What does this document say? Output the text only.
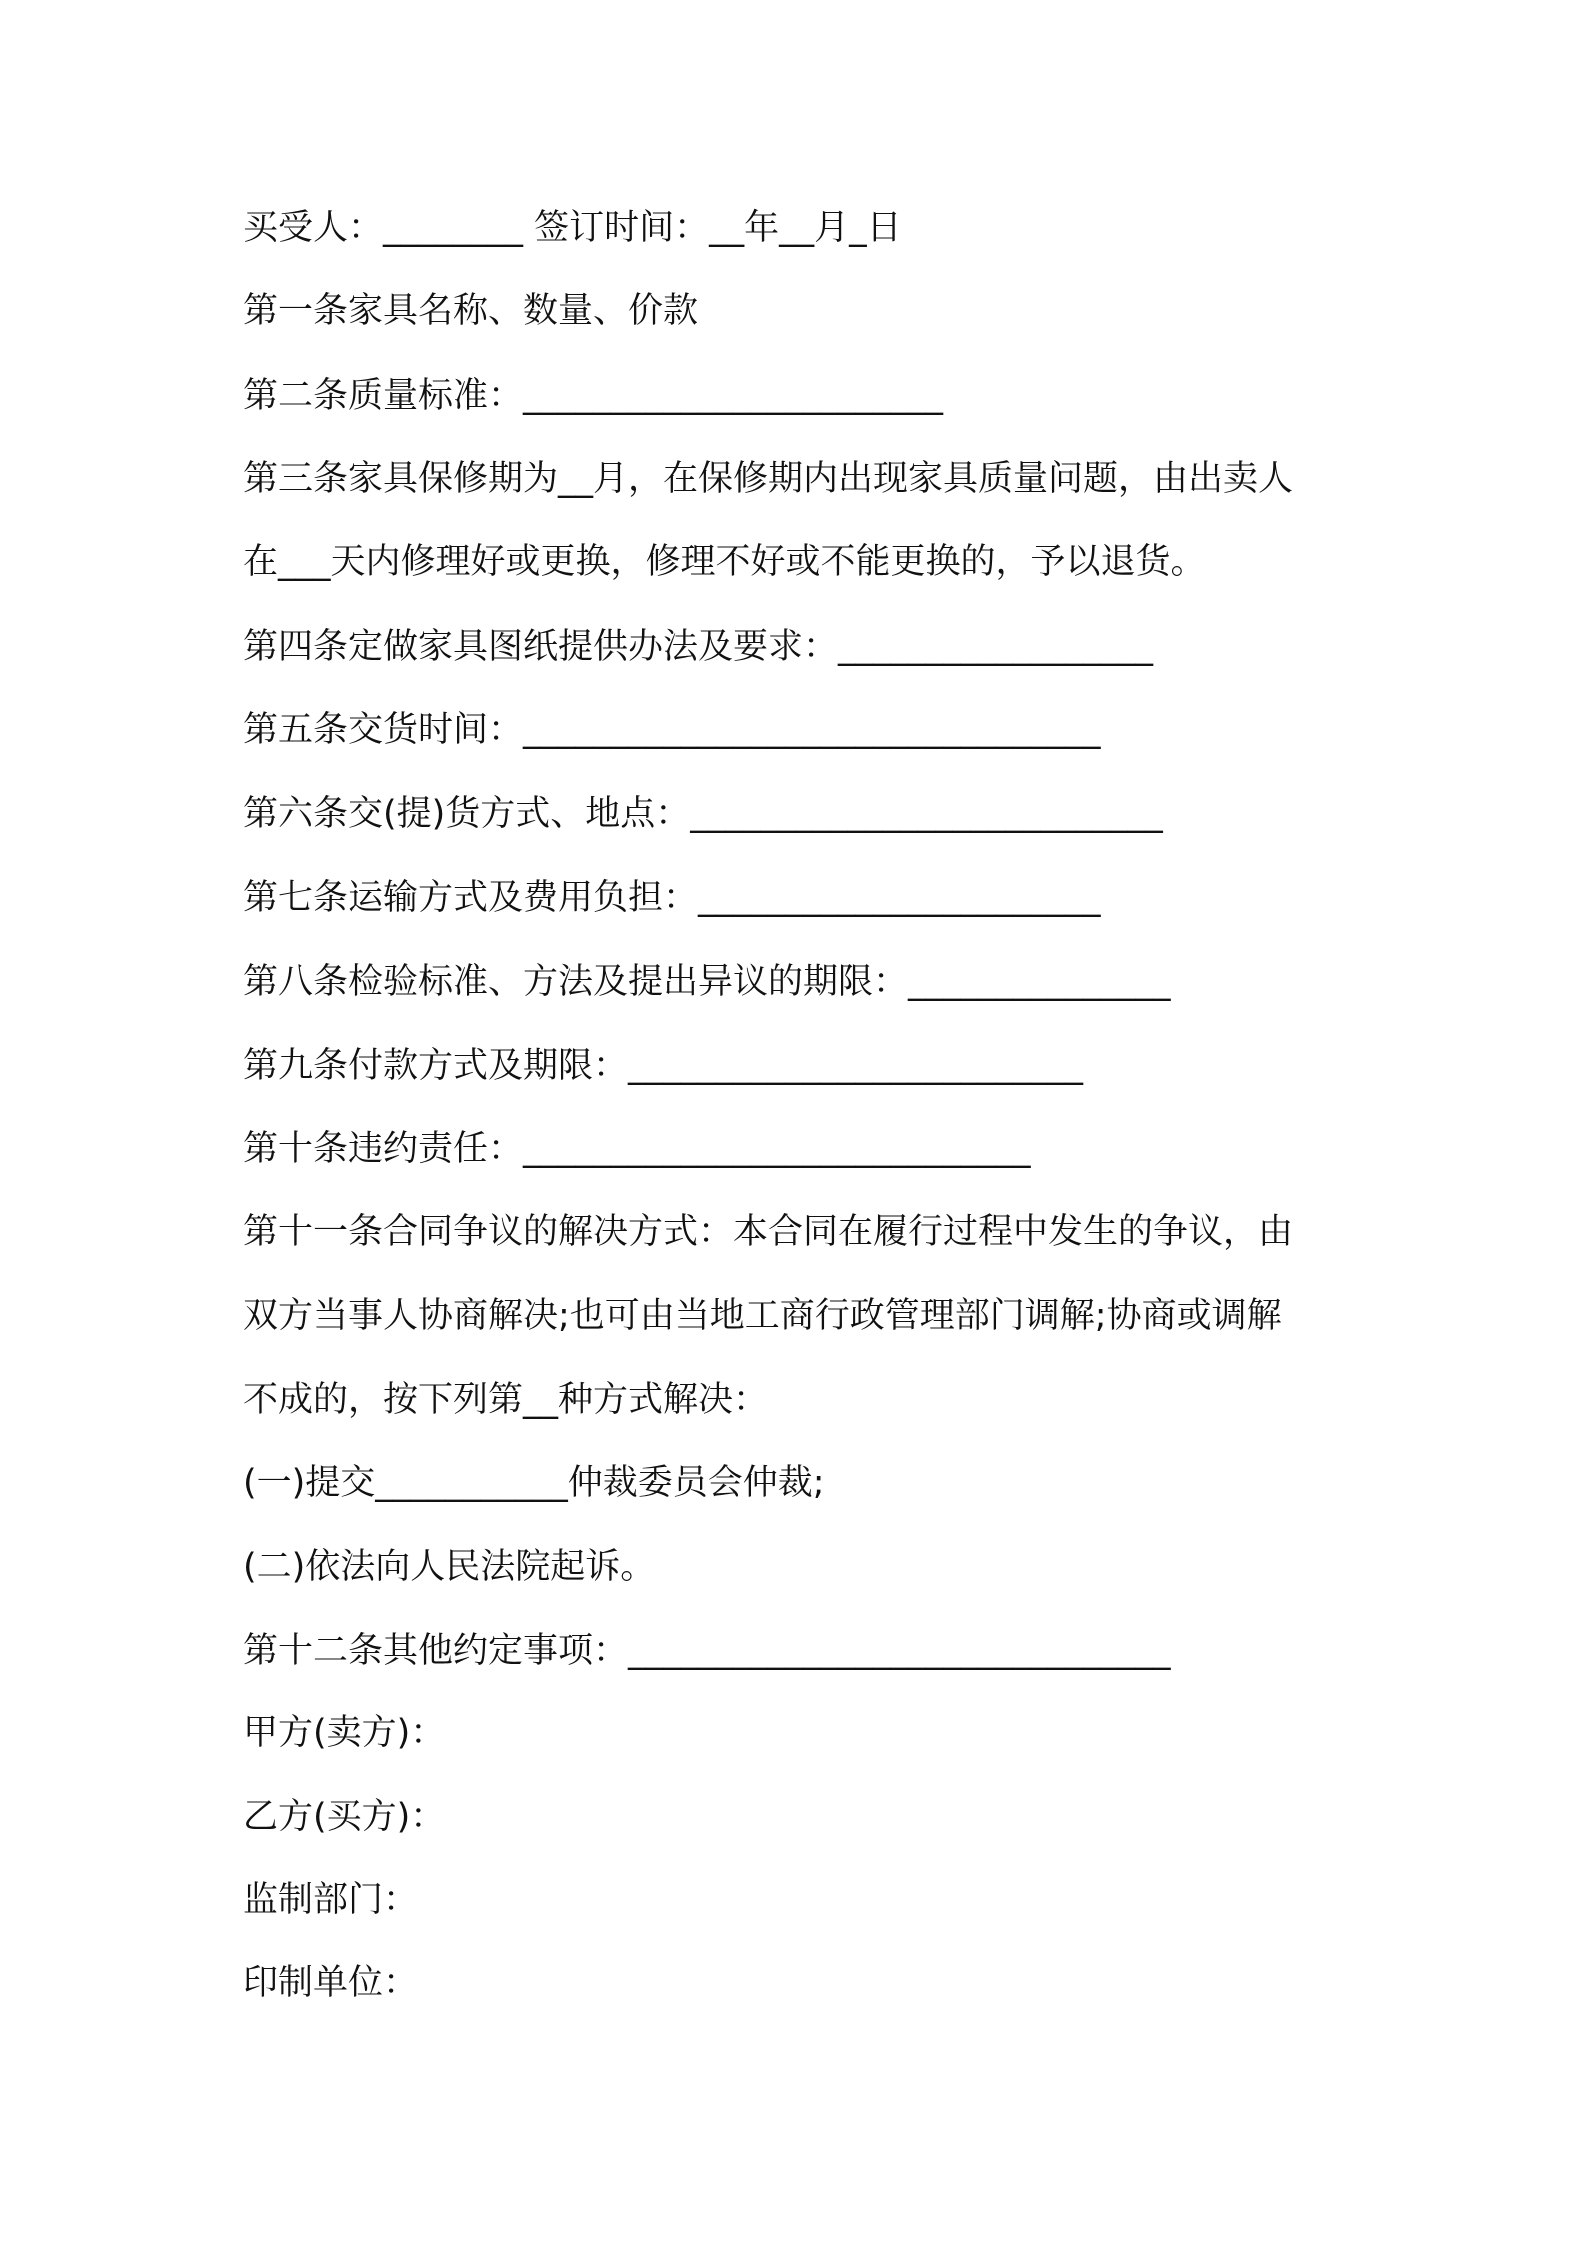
买受人：________ 签订时间：__年__月_日
第一条家具名称、数量、价款
第二条质量标准：________________________
第三条家具保修期为__月，在保修期内出现家具质量问题，由出卖人
在___天内修理好或更换，修理不好或不能更换的，予以退货。
第四条定做家具图纸提供办法及要求：__________________
第五条交货时间：_________________________________
第六条交(提)货方式、地点：___________________________
第七条运输方式及费用负担：_______________________
第八条检验标准、方法及提出异议的期限：_______________
第九条付款方式及期限：__________________________
第十条违约责任：_____________________________
第十一条合同争议的解决方式：本合同在履行过程中发生的争议，由
双方当事人协商解决;也可由当地工商行政管理部门调解;协商或调解
不成的，按下列第__种方式解决：
(一)提交___________仲裁委员会仲裁;
(二)依法向人民法院起诉。
第十二条其他约定事项：_______________________________
甲方(卖方)：
乙方(买方)：
监制部门：
印制单位：
